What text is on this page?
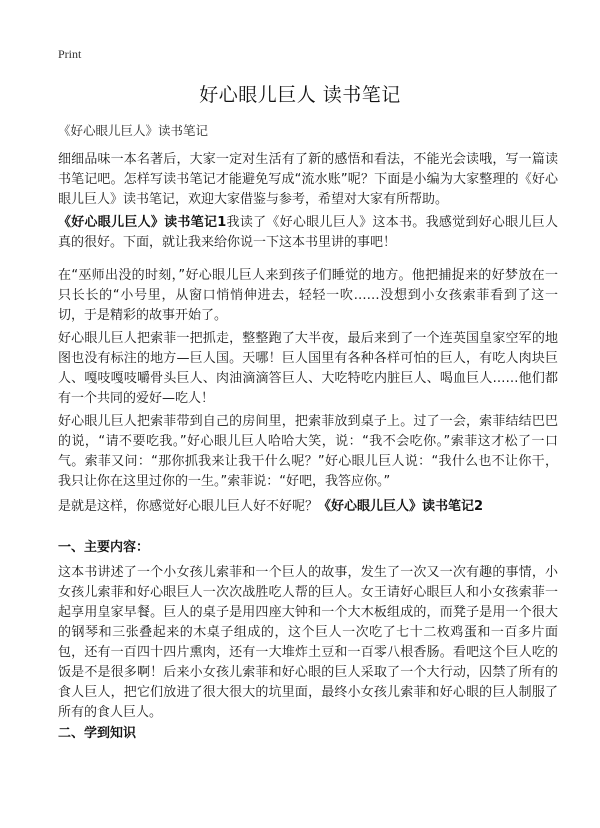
Print
好心眼儿巨人 读书笔记
《好心眼儿巨人》读书笔记

细细品味一本名著后，大家一定对生活有了新的感悟和看法，不能光会读哦，写一篇读书笔记吧。怎样写读书笔记才能避免写成“流水账”呢？下面是小编为大家整理的《好心眼儿巨人》读书笔记，欢迎大家借鉴与参考，希望对大家有所帮助。

《好心眼儿巨人》读书笔记1我读了《好心眼儿巨人》这本书。我感觉到好心眼儿巨人真的很好。下面，就让我来给你说一下这本书里讲的事吧！

在“巫师出没的时刻，”好心眼儿巨人来到孩子们睡觉的地方。他把捕捉来的好梦放在一只长长的“小号里，从窗口悄悄伸进去，轻轻一吹……没想到小女孩索菲看到了这一切，于是精彩的故事开始了。

好心眼儿巨人把索菲一把抓走，整整跑了大半夜，最后来到了一个连英国皇家空军的地图也没有标注的地方—巨人国。天哪！巨人国里有各种各样可怕的巨人，有吃人肉块巨人、嘎吱嘎吱嚼骨头巨人、肉油滴滴答巨人、大吃特吃内脏巨人、喝血巨人……他们都有一个共同的爱好—吃人！

好心眼儿巨人把索菲带到自己的房间里，把索菲放到桌子上。过了一会，索菲结结巴巴的说，“请不要吃我。”好心眼儿巨人哈哈大笑，说：“我不会吃你。”索菲这才松了一口气。索菲又问：“那你抓我来让我干什么呢？”好心眼儿巨人说：“我什么也不让你干，我只让你在这里过你的一生。”索菲说：“好吧，我答应你。”

是就是这样，你感觉好心眼儿巨人好不好呢？《好心眼儿巨人》读书笔记2

一、主要内容：

这本书讲述了一个小女孩儿索菲和一个巨人的故事，发生了一次又一次有趣的事情，小女孩儿索菲和好心眼巨人一次次战胜吃人帮的巨人。女王请好心眼巨人和小女孩索菲一起享用皇家早餐。巨人的桌子是用四座大钟和一个大木板组成的，而凳子是用一个很大的钢琴和三张叠起来的木桌子组成的，这个巨人一次吃了七十二枚鸡蛋和一百多片面包，还有一百四十四片熏肉，还有一大堆炸土豆和一百零八根香肠。看吧这个巨人吃的饭是不是很多啊！后来小女孩儿索菲和好心眼的巨人采取了一个大行动，囚禁了所有的食人巨人，把它们放进了很大很大的坑里面，最终小女孩儿索菲和好心眼的巨人制服了所有的食人巨人。

二、学到知识
